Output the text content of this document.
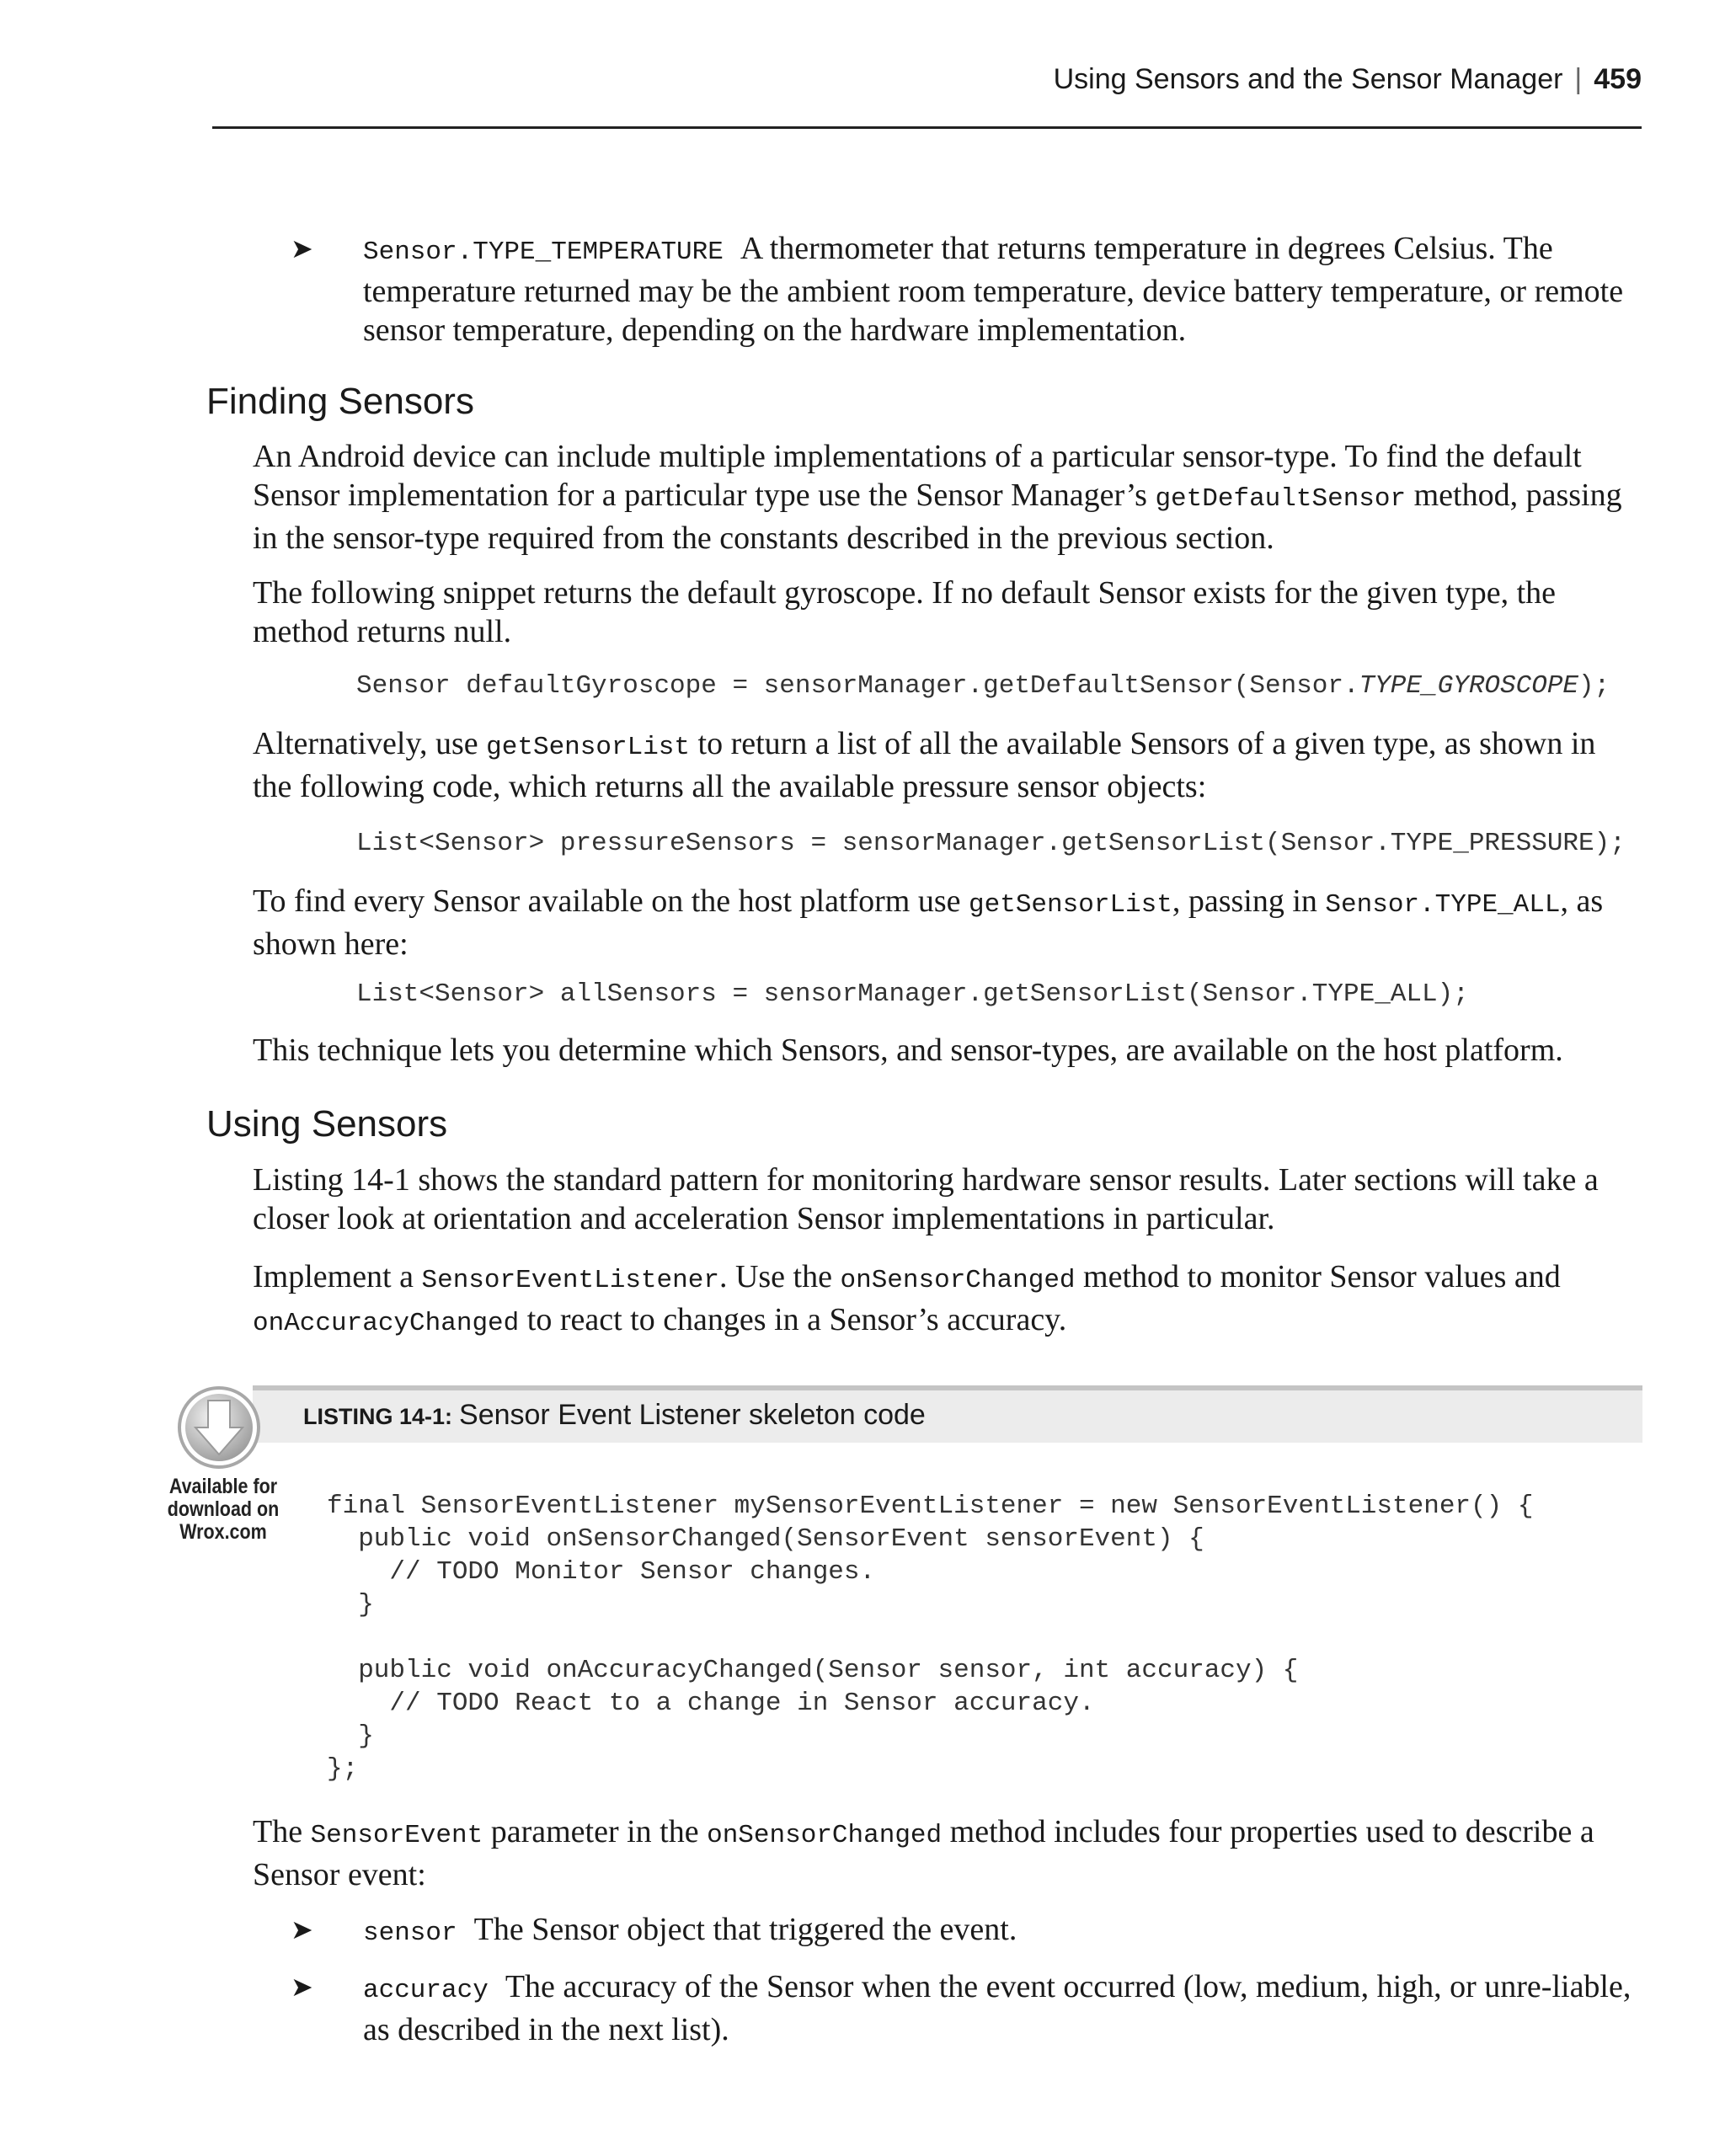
Using Sensors and the Sensor Manager | 459
➤ Sensor.TYPE_TEMPERATURE A thermometer that returns temperature in degrees Celsius. The temperature returned may be the ambient room temperature, device battery temperature, or remote sensor temperature, depending on the hardware implementation.
Finding Sensors
An Android device can include multiple implementations of a particular sensor-type. To find the default Sensor implementation for a particular type use the Sensor Manager’s getDefaultSensor method, passing in the sensor-type required from the constants described in the previous section.
The following snippet returns the default gyroscope. If no default Sensor exists for the given type, the method returns null.
Sensor defaultGyroscope = sensorManager.getDefaultSensor(Sensor.TYPE_GYROSCOPE);
Alternatively, use getSensorList to return a list of all the available Sensors of a given type, as shown in the following code, which returns all the available pressure sensor objects:
List<Sensor> pressureSensors = sensorManager.getSensorList(Sensor.TYPE_PRESSURE);
To find every Sensor available on the host platform use getSensorList, passing in Sensor.TYPE_ALL, as shown here:
List<Sensor> allSensors = sensorManager.getSensorList(Sensor.TYPE_ALL);
This technique lets you determine which Sensors, and sensor-types, are available on the host platform.
Using Sensors
Listing 14-1 shows the standard pattern for monitoring hardware sensor results. Later sections will take a closer look at orientation and acceleration Sensor implementations in particular.
Implement a SensorEventListener. Use the onSensorChanged method to monitor Sensor values and onAccuracyChanged to react to changes in a Sensor’s accuracy.
LISTING 14-1: Sensor Event Listener skeleton code
Available for
download on
Wrox.com
final SensorEventListener mySensorEventListener = new SensorEventListener() {
public void onSensorChanged(SensorEvent sensorEvent) {
// TODO Monitor Sensor changes.
}
public void onAccuracyChanged(Sensor sensor, int accuracy) {
// TODO React to a change in Sensor accuracy.
}
};
The SensorEvent parameter in the onSensorChanged method includes four properties used to describe a Sensor event:
➤ sensor The Sensor object that triggered the event.
➤ accuracy The accuracy of the Sensor when the event occurred (low, medium, high, or unre-liable, as described in the next list).
